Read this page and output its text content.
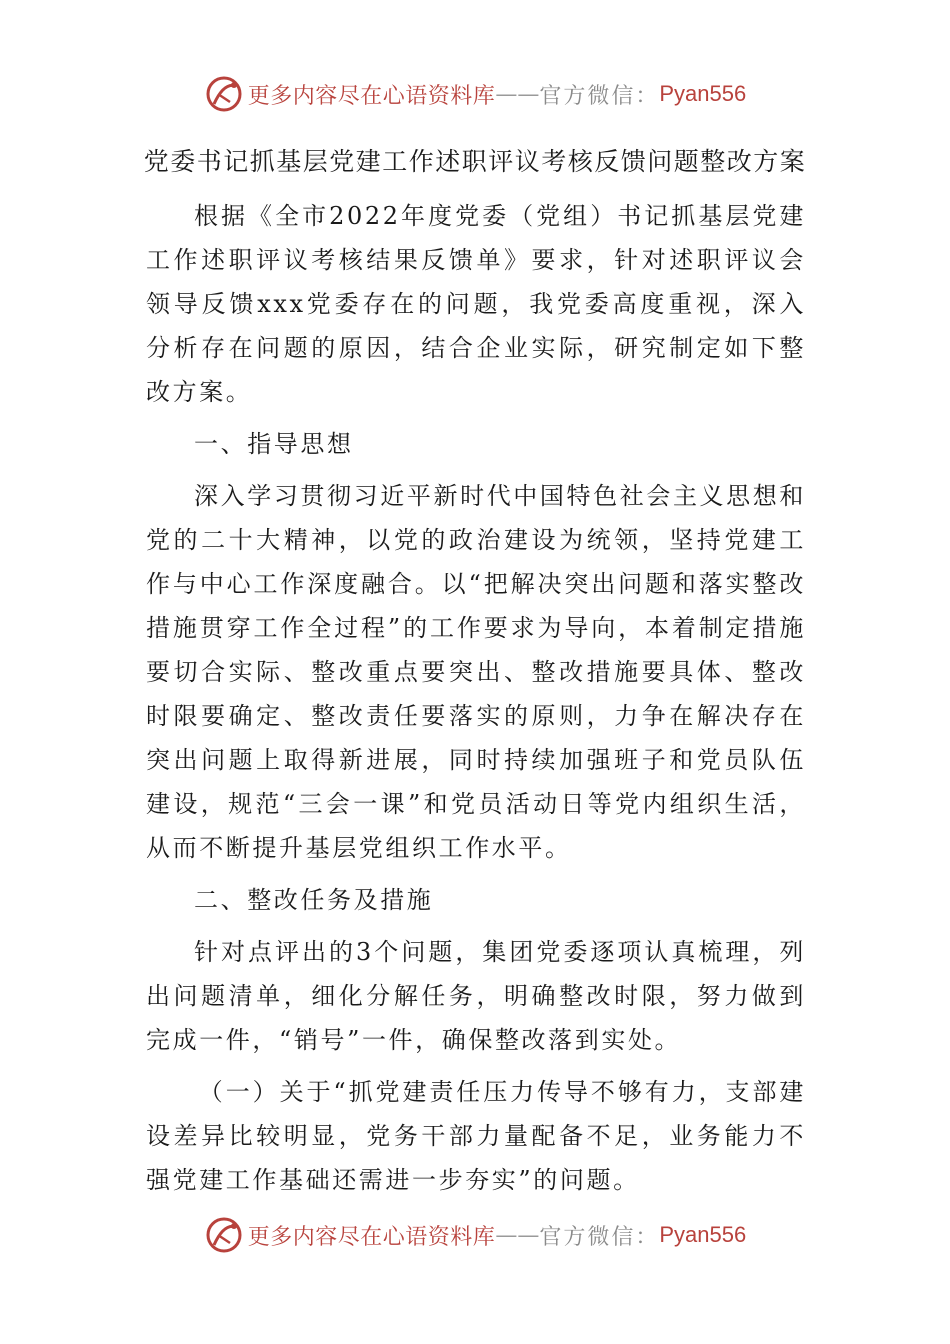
更多内容尽在心语资料库 —— 官方微信： Pyan556
党委书记抓基层党建工作述职评议考核反馈问题整改方案

根据《全市2022年度党委（党组）书记抓基层党建工作述职评议考核结果反馈单》要求，针对述职评议会领导反馈xxx党委存在的问题，我党委高度重视，深入分析存在问题的原因，结合企业实际，研究制定如下整改方案。

一、指导思想

深入学习贯彻习近平新时代中国特色社会主义思想和党的二十大精神，以党的政治建设为统领，坚持党建工作与中心工作深度融合。以“把解决突出问题和落实整改措施贯穿工作全过程”的工作要求为导向，本着制定措施要切合实际、整改重点要突出、整改措施要具体、整改时限要确定、整改责任要落实的原则，力争在解决存在突出问题上取得新进展，同时持续加强班子和党员队伍建设，规范“三会一课”和党员活动日等党内组织生活，从而不断提升基层党组织工作水平。

二、整改任务及措施

针对点评出的3个问题，集团党委逐项认真梳理，列出问题清单，细化分解任务，明确整改时限，努力做到完成一件，“销号”一件，确保整改落到实处。

（一）关于“抓党建责任压力传导不够有力，支部建设差异比较明显，党务干部力量配备不足，业务能力不强党建工作基础还需进一步夯实”的问题。

更多内容尽在心语资料库 —— 官方微信： Pyan556
